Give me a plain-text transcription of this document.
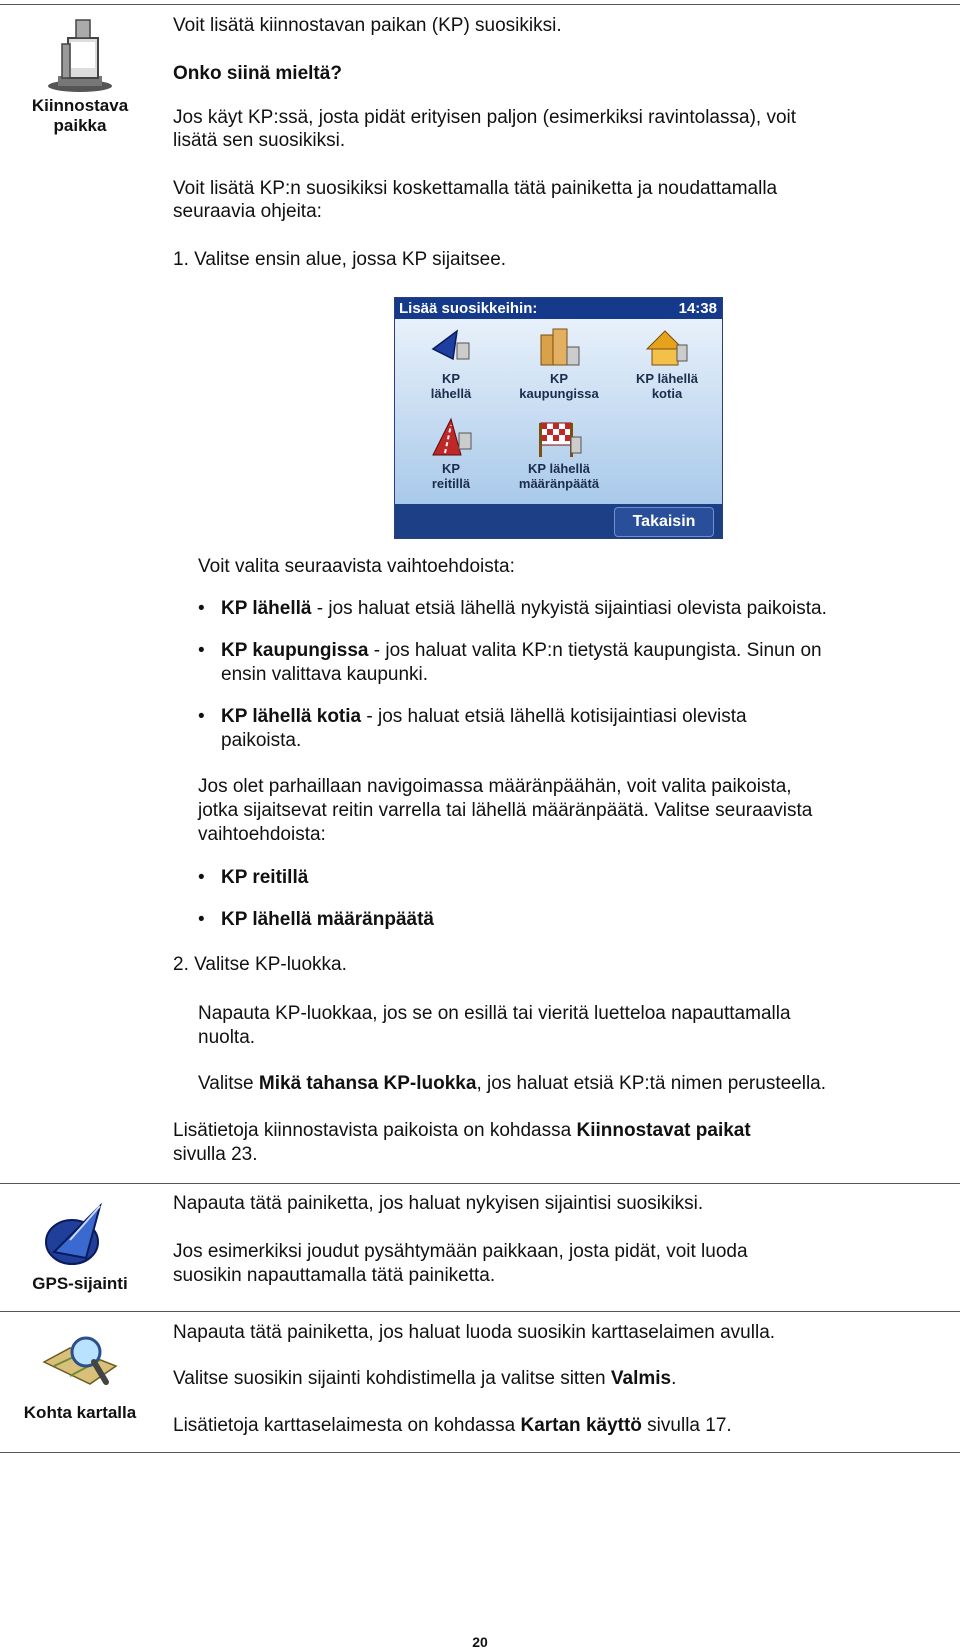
Kiinnostava paikka
Voit lisätä kiinnostavan paikan (KP) suosikiksi.
Onko siinä mieltä?
Jos käyt KP:ssä, josta pidät erityisen paljon (esimerkiksi ravintolassa), voit
lisätä sen suosikiksi.
Voit lisätä KP:n suosikiksi koskettamalla tätä painiketta ja noudattamalla
seuraavia ohjeita:
1. Valitse ensin alue, jossa KP sijaitsee.
Lisää suosikkeihin:	14:38
KP
lähellä
KP
kaupungissa
KP lähellä
kotia
KP
reitillä
KP lähellä
määränpäätä
Takaisin
Voit valita seuraavista vaihtoehdoista:
• KP lähellä - jos haluat etsiä lähellä nykyistä sijaintiasi olevista paikoista.
• KP kaupungissa - jos haluat valita KP:n tietystä kaupungista. Sinun on
ensin valittava kaupunki.
• KP lähellä kotia - jos haluat etsiä lähellä kotisijaintiasi olevista
paikoista.
Jos olet parhaillaan navigoimassa määränpäähän, voit valita paikoista,
jotka sijaitsevat reitin varrella tai lähellä määränpäätä. Valitse seuraavista
vaihtoehdoista:
• KP reitillä
• KP lähellä määränpäätä
2. Valitse KP-luokka.
Napauta KP-luokkaa, jos se on esillä tai vieritä luetteloa napauttamalla
nuolta.
Valitse Mikä tahansa KP-luokka, jos haluat etsiä KP:tä nimen perusteella.
Lisätietoja kiinnostavista paikoista on kohdassa Kiinnostavat paikat
sivulla 23.
GPS-sijainti
Napauta tätä painiketta, jos haluat nykyisen sijaintisi suosikiksi.
Jos esimerkiksi joudut pysähtymään paikkaan, josta pidät, voit luoda
suosikin napauttamalla tätä painiketta.
Kohta kartalla
Napauta tätä painiketta, jos haluat luoda suosikin karttaselaimen avulla.
Valitse suosikin sijainti kohdistimella ja valitse sitten Valmis.
Lisätietoja karttaselaimesta on kohdassa Kartan käyttö sivulla 17.
20
